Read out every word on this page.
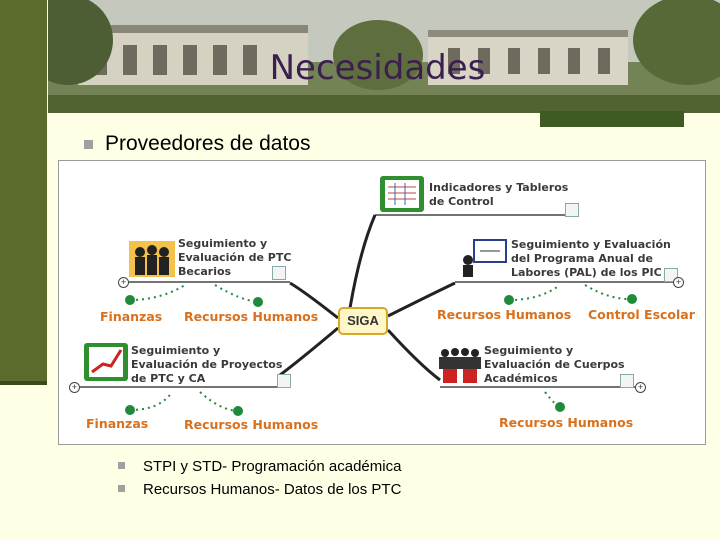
Necesidades
Proveedores de datos
SIGA
Indicadores y Tableros
de Control
Seguimiento y
Evaluación de PTC
Becarios
Seguimiento y Evaluación
del Programa Anual de
Labores (PAL) de los PIC
Seguimiento y
Evaluación de Proyectos
de PTC y CA
Seguimiento y
Evaluación de Cuerpos
Académicos
Finanzas Recursos Humanos	Recursos Humanos Control Escolar
Finanzas	Recursos Humanos	Recursos Humanos
+	+
+	+
STPI y STD- Programación académica
Recursos Humanos- Datos de los PTC
